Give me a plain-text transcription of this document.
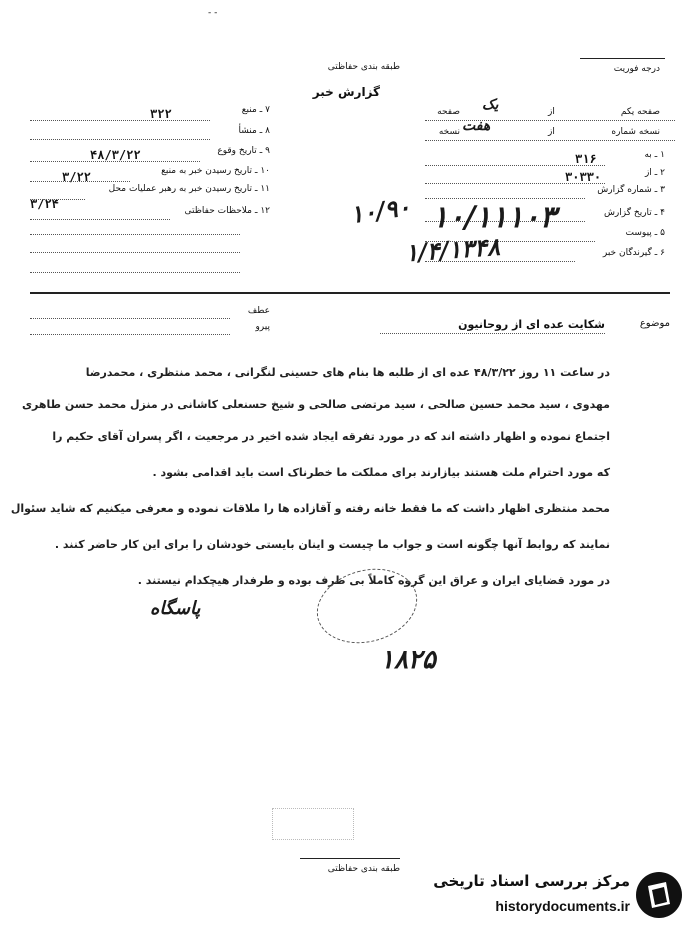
- -
طبقه بندی حفاظتی
گزارش خبر
درجه فوریت
صفحه یکم
از
یک
صفحه
نسخه شماره
از
هفت
نسخه
۱ ـ به
۳۱۶
۲ ـ از
۳۰۳۳۰
۳ ـ شماره گزارش
۴ ـ تاریخ گزارش
۵ ـ پیوست
۶ ـ گیرندگان خبر
۷ ـ منبع
۳۲۲
۸ ـ منشأ
۹ ـ تاریخ وقوع
۴۸/۳/۲۲
۱۰ ـ تاریخ رسیدن خبر به منبع
۳/۲۲
۱۱ ـ تاریخ رسیدن خبر به رهبر عملیات محل
۳/۲۴	۱۲ ـ ملاحظات حفاظتی	۱۰/۹۰ ۱۰/۱۱۱۰۳
۱/۴/۱۳۴۸
موضوع
شکایت عده ای از روحانیون
عطف
پیرو
در ساعت ۱۱ روز ۴۸/۳/۲۲ عده ای از طلبه ها بنام های حسینی لنگرانی ، محمد منتظری ، محمدرضا
مهدوی ، سید محمد حسین صالحی ، سید مرتضی صالحی و شیخ حسنعلی کاشانی در منزل محمد حسن طاهری
اجتماع نموده و اظهار داشته اند که در مورد تفرقه ایجاد شده اخیر در مرجعیت ، اگر پسران آقای حکیم را
که مورد احترام ملت هستند بیازارند برای مملکت ما خطرناک است باید اقدامی بشود .
محمد منتظری اظهار داشت که ما فقط خانه رفته و آقازاده ها را ملاقات نموده و معرفی میکنیم که شاید سئوال
نمایند که روابط آنها چگونه است و جواب ما چیست و اینان بایستی خودشان را برای این کار حاضر کنند .
در مورد قضایای ایران و عراق این گروه کاملاً بی طرف بوده و طرفدار هیچکدام نیستند .
پاسگاه
۱۸۲۵
طبقه بندی حفاظتی
مرکز بررسی اسناد تاریخی
historydocuments.ir
